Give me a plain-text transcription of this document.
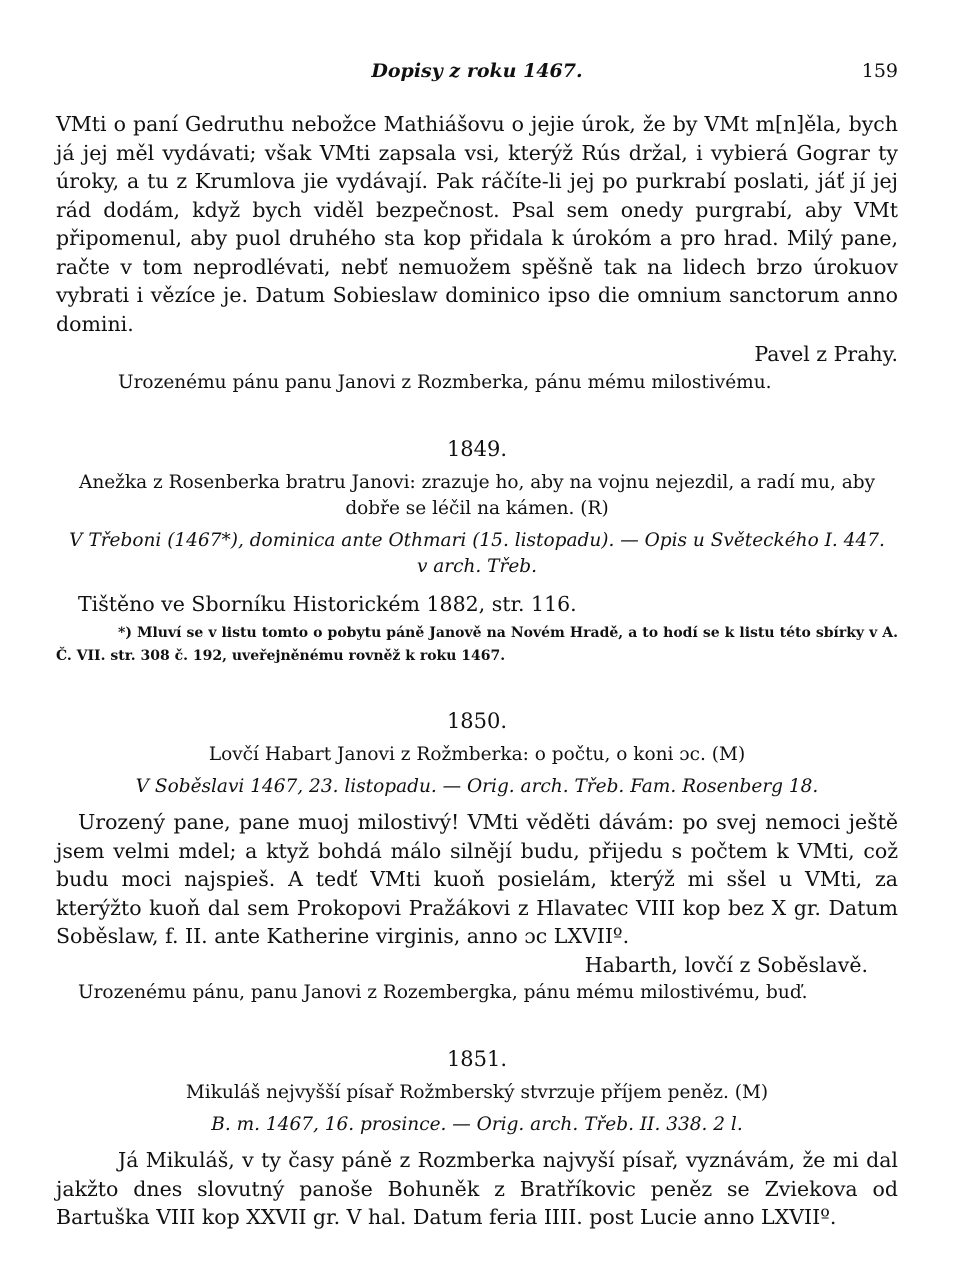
Dopisy z roku 1467.	159

VMti o paní Gedruthu nebožce Mathiášovu o jejie úrok, že by VMt m[n]ěla, bych já jej měl vydávati; však VMti zapsala vsi, kterýž Rús držal, i vybierá Gograr ty úroky, a tu z Krumlova jie vydávají. Pak ráčíte-li jej po purkrabí poslati, jáť jí jej rád dodám, když bych viděl bezpečnost. Psal sem onedy purgrabí, aby VMt připomenul, aby puol druhého sta kop přidala k úrokóm a pro hrad. Milý pane, račte v tom neprodlévati, nebť nemuožem spěšně tak na lidech brzo úrokuov vybrati i vězíce je. Datum Sobieslaw dominico ipso die omnium sanctorum anno domini.

Pavel z Prahy.

Urozenému pánu panu Janovi z Rozmberka, pánu mému milostivému.

1849.

Anežka z Rosenberka bratru Janovi: zrazuje ho, aby na vojnu nejezdil, a radí mu, aby dobře se léčil na kámen. (R)

V Třeboni (1467*), dominica ante Othmari (15. listopadu). — Opis u Světeckého I. 447.

v arch. Třeb.

Tištěno ve Sborníku Historickém 1882, str. 116.

*) Mluví se v listu tomto o pobytu páně Janově na Novém Hradě, a to hodí se k listu této sbírky v A. Č. VII. str. 308 č. 192, uveřejněnému rovněž k roku 1467.

1850.

Lovčí Habart Janovi z Rožmberka: o počtu, o koni ɔc. (M)

V Soběslavi 1467, 23. listopadu. — Orig. arch. Třeb. Fam. Rosenberg 18.

Urozený pane, pane muoj milostivý! VMti věděti dávám: po svej nemoci ještě jsem velmi mdel; a ktyž bohdá málo silnějí budu, přijedu s počtem k VMti, což budu moci najspieš. A tedť VMti kuoň posielám, kterýž mi sšel u VMti, za kterýžto kuoň dal sem Prokopovi Pražákovi z Hlavatec VIII kop bez X gr. Datum Soběslaw, f. II. ante Katherine virginis, anno ɔc LXVIIº.

Habarth, lovčí z Soběslavě.

Urozenému pánu, panu Janovi z Rozembergka, pánu mému milostivému, buď.

1851.

Mikuláš nejvyšší písař Rožmberský stvrzuje příjem peněz. (M)

B. m. 1467, 16. prosince. — Orig. arch. Třeb. II. 338. 2 l.

Já Mikuláš, v ty časy páně z Rozmberka najvyší písař, vyznávám, že mi dal jakžto dnes slovutný panoše Bohuněk z Bratříkovic peněz se Zviekova od Bartuška VIII kop XXVII gr. V hal. Datum feria IIII. post Lucie anno LXVIIº.
